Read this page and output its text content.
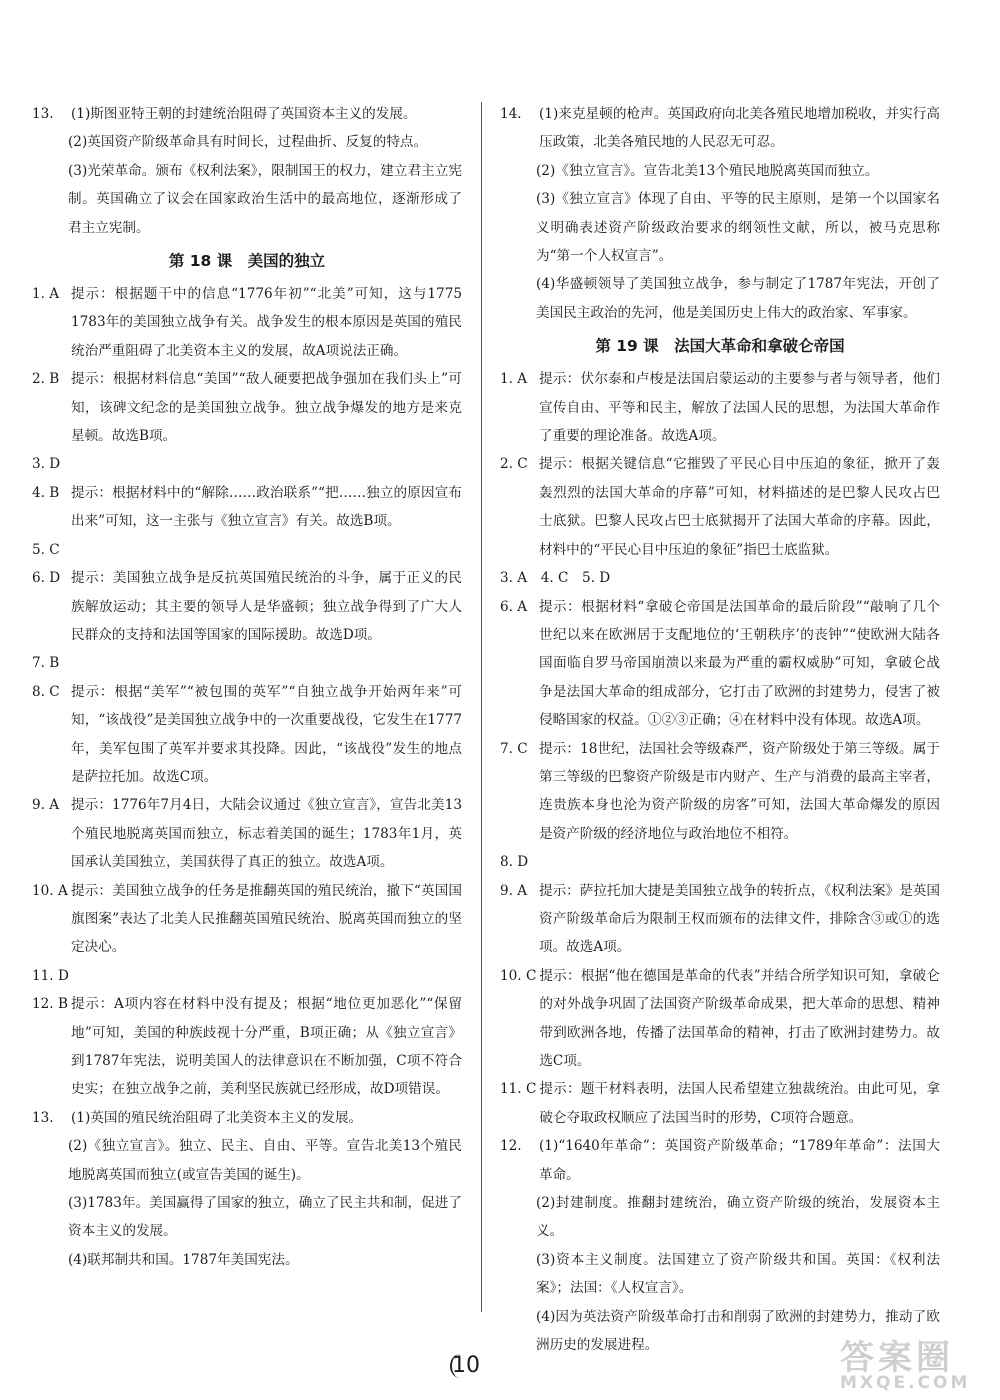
13.	(1)斯图亚特王朝的封建统治阻碍了英国资本主义的发展。
(2)英国资产阶级革命具有时间长，过程曲折、反复的特点。
(3)光荣革命。颁布《权利法案》，限制国王的权力，建立君主立宪制。英国确立了议会在国家政治生活中的最高地位，逐渐形成了君主立宪制。
第 18 课　美国的独立
1. A 提示：根据题干中的信息“1776年初”“北美”可知，这与1775　1783年的美国独立战争有关。战争发生的根本原因是英国的殖民统治严重阻碍了北美资本主义的发展，故A项说法正确。
2. B 提示：根据材料信息“美国”“敌人硬要把战争强加在我们头上”可知，该碑文纪念的是美国独立战争。独立战争爆发的地方是来克星顿。故选B项。
3. D
4. B 提示：根据材料中的“解除……政治联系”“把……独立的原因宣布出来”可知，这一主张与《独立宣言》有关。故选B项。
5. C
6. D 提示：美国独立战争是反抗英国殖民统治的斗争，属于正义的民族解放运动；其主要的领导人是华盛顿；独立战争得到了广大人民群众的支持和法国等国家的国际援助。故选D项。
7. B
8. C 提示：根据“美军”“被包围的英军”“自独立战争开始两年来”可知，“该战役”是美国独立战争中的一次重要战役，它发生在1777年，美军包围了英军并要求其投降。因此，“该战役”发生的地点是萨拉托加。故选C项。
9. A 提示：1776年7月4日，大陆会议通过《独立宣言》，宣告北美13个殖民地脱离英国而独立，标志着美国的诞生；1783年1月，英国承认美国独立，美国获得了真正的独立。故选A项。
10. A 提示：美国独立战争的任务是推翻英国的殖民统治，撤下“英国国旗图案”表达了北美人民推翻英国殖民统治、脱离英国而独立的坚定决心。
11. D
12. B 提示：A项内容在材料中没有提及；根据“地位更加恶化”“保留地”可知，美国的种族歧视十分严重，B项正确；从《独立宣言》到1787年宪法，说明美国人的法律意识在不断加强，C项不符合史实；在独立战争之前，美利坚民族就已经形成，故D项错误。
13.	(1)英国的殖民统治阻碍了北美资本主义的发展。
(2)《独立宣言》。独立、民主、自由、平等。宣告北美13个殖民地脱离英国而独立(或宣告美国的诞生)。
(3)1783年。美国赢得了国家的独立，确立了民主共和制，促进了资本主义的发展。
(4)联邦制共和国。1787年美国宪法。
14.	(1)来克星顿的枪声。英国政府向北美各殖民地增加税收，并实行高压政策，北美各殖民地的人民忍无可忍。
(2)《独立宣言》。宣告北美13个殖民地脱离英国而独立。
(3)《独立宣言》体现了自由、平等的民主原则，是第一个以国家名义明确表述资产阶级政治要求的纲领性文献，所以，被马克思称为“第一个人权宣言”。
(4)华盛顿领导了美国独立战争，参与制定了1787年宪法，开创了美国民主政治的先河，他是美国历史上伟大的政治家、军事家。
第 19 课　法国大革命和拿破仑帝国
1. A 提示：伏尔泰和卢梭是法国启蒙运动的主要参与者与领导者，他们宣传自由、平等和民主，解放了法国人民的思想，为法国大革命作了重要的理论准备。故选A项。
2. C 提示：根据关键信息“它摧毁了平民心目中压迫的象征，掀开了轰轰烈烈的法国大革命的序幕”可知，材料描述的是巴黎人民攻占巴士底狱。巴黎人民攻占巴士底狱揭开了法国大革命的序幕。因此，材料中的“平民心目中压迫的象征”指巴士底监狱。
3. A　4. C　5. D
6. A 提示：根据材料“拿破仑帝国是法国革命的最后阶段”“敲响了几个世纪以来在欧洲居于支配地位的‘王朝秩序’的丧钟”“使欧洲大陆各国面临自罗马帝国崩溃以来最为严重的霸权威胁”可知，拿破仑战争是法国大革命的组成部分，它打击了欧洲的封建势力，侵害了被侵略国家的权益。①②③正确；④在材料中没有体现。故选A项。
7. C 提示：18世纪，法国社会等级森严，资产阶级处于第三等级。属于第三等级的巴黎资产阶级是市内财产、生产与消费的最高主宰者，连贵族本身也沦为资产阶级的房客”可知，法国大革命爆发的原因是资产阶级的经济地位与政治地位不相符。
8. D
9. A 提示：萨拉托加大捷是美国独立战争的转折点，《权利法案》是英国资产阶级革命后为限制王权而颁布的法律文件，排除含③或①的选项。故选A项。
10. C 提示：根据“他在德国是革命的代表”并结合所学知识可知，拿破仑的对外战争巩固了法国资产阶级革命成果，把大革命的思想、精神带到欧洲各地，传播了法国革命的精神，打击了欧洲封建势力。故选C项。
11. C 提示：题干材料表明，法国人民希望建立独裁统治。由此可见，拿破仑夺取政权顺应了法国当时的形势，C项符合题意。
12.	(1)“1640年革命”：英国资产阶级革命；“1789年革命”：法国大革命。
(2)封建制度。推翻封建统治，确立资产阶级的统治，发展资本主义。
(3)资本主义制度。法国建立了资产阶级共和国。英国：《权利法案》；法国：《人权宣言》。
(4)因为英法资产阶级革命打击和削弱了欧洲的封建势力，推动了欧洲历史的发展进程。
10	答案圈
MXQE.COM
